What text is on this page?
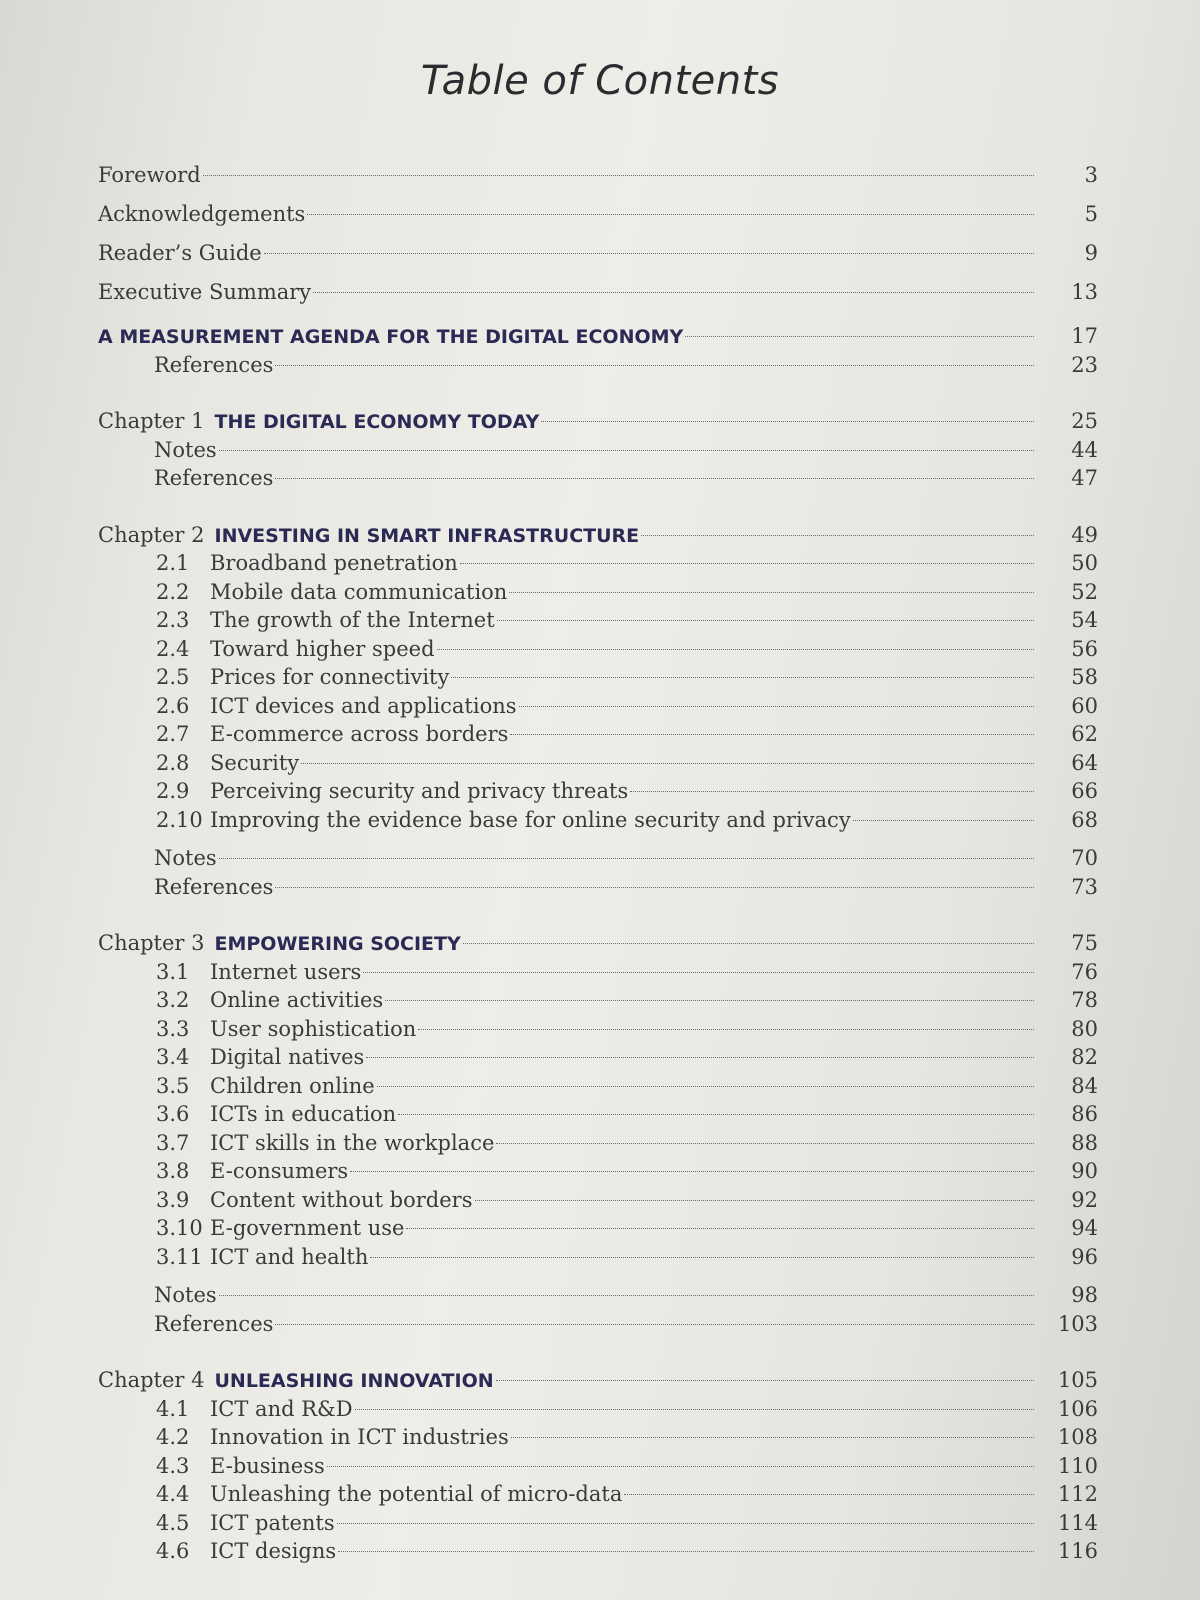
Table of Contents
Foreword	3
Acknowledgements	5
Reader’s Guide	9
Executive Summary	13
A MEASUREMENT AGENDA FOR THE DIGITAL ECONOMY	17
References	23
Chapter 1 THE DIGITAL ECONOMY TODAY	25
Notes	44
References	47
Chapter 2 INVESTING IN SMART INFRASTRUCTURE	49
2.1 Broadband penetration	50
2.2 Mobile data communication	52
2.3 The growth of the Internet	54
2.4 Toward higher speed	56
2.5 Prices for connectivity	58
2.6 ICT devices and applications	60
2.7 E-commerce across borders	62
2.8 Security	64
2.9 Perceiving security and privacy threats	66
2.10 Improving the evidence base for online security and privacy	68
Notes	70
References	73
Chapter 3 EMPOWERING SOCIETY	75
3.1 Internet users	76
3.2 Online activities	78
3.3 User sophistication	80
3.4 Digital natives	82
3.5 Children online	84
3.6 ICTs in education	86
3.7 ICT skills in the workplace	88
3.8 E-consumers	90
3.9 Content without borders	92
3.10 E-government use	94
3.11 ICT and health	96
Notes	98
References	103
Chapter 4 UNLEASHING INNOVATION	105
4.1 ICT and R&D	106
4.2 Innovation in ICT industries	108
4.3 E-business	110
4.4 Unleashing the potential of micro-data	112
4.5 ICT patents	114
4.6 ICT designs	116
